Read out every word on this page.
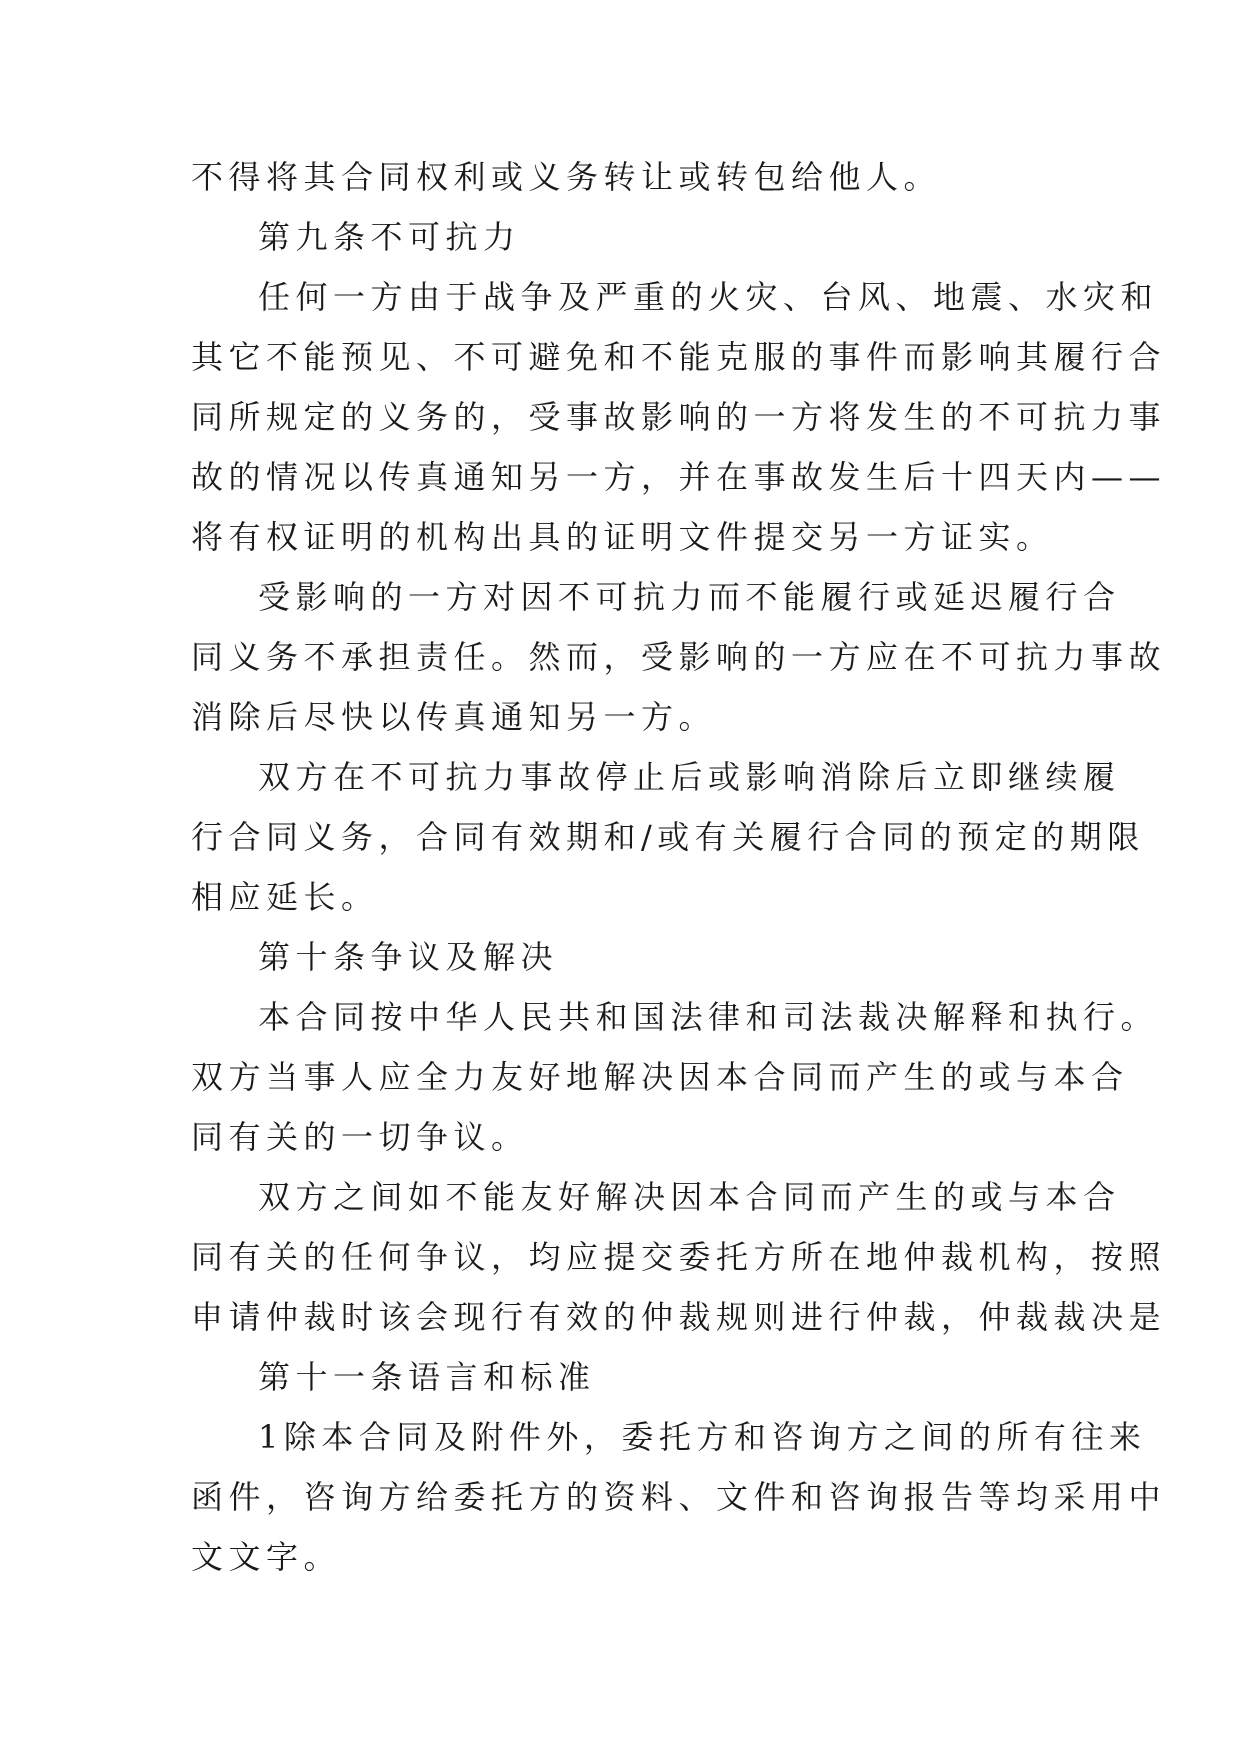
不得将其合同权利或义务转让或转包给他人。
第九条不可抗力
任何一方由于战争及严重的火灾、台风、地震、水灾和
其它不能预见、不可避免和不能克服的事件而影响其履行合
同所规定的义务的，受事故影响的一方将发生的不可抗力事
故的情况以传真通知另一方，并在事故发生后十四天内——
将有权证明的机构出具的证明文件提交另一方证实。
受影响的一方对因不可抗力而不能履行或延迟履行合
同义务不承担责任。然而，受影响的一方应在不可抗力事故
消除后尽快以传真通知另一方。
双方在不可抗力事故停止后或影响消除后立即继续履
行合同义务，合同有效期和/或有关履行合同的预定的期限
相应延长。
第十条争议及解决
本合同按中华人民共和国法律和司法裁决解释和执行。
双方当事人应全力友好地解决因本合同而产生的或与本合
同有关的一切争议。
双方之间如不能友好解决因本合同而产生的或与本合
同有关的任何争议，均应提交委托方所在地仲裁机构，按照
申请仲裁时该会现行有效的仲裁规则进行仲裁，仲裁裁决是
第十一条语言和标准
1除本合同及附件外，委托方和咨询方之间的所有往来
函件，咨询方给委托方的资料、文件和咨询报告等均采用中
文文字。
